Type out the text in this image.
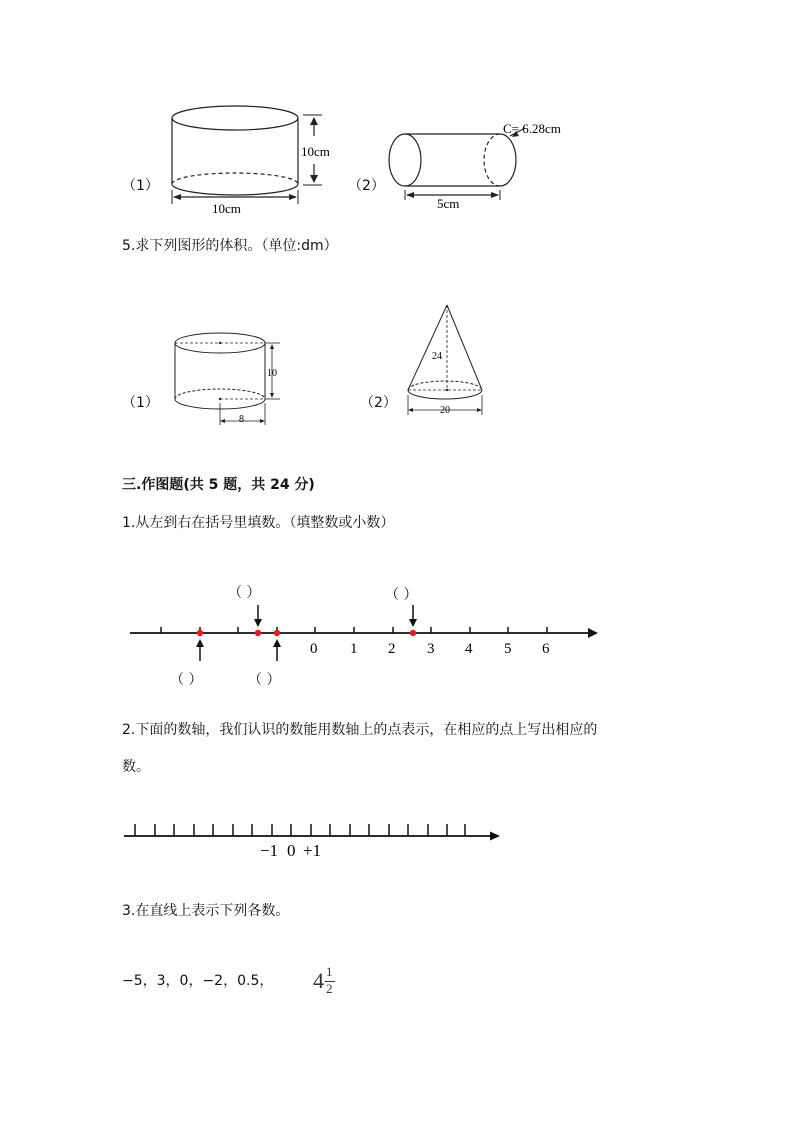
10cm
10cm
C= 6.28cm
5cm
（1）	（2）
5.求下列图形的体积。（单位:dm）
10
8
24
20
（1）	（2）
三.作图题(共 5 题，共 24 分)
1.从左到右在括号里填数。（填整数或小数）
0 1 2 3 4 5 6
（ ）	（ ）
（ ）	（ ）
2.下面的数轴，我们认识的数能用数轴上的点表示，在相应的点上写出相应的
数。
−1 0 +1
3.在直线上表示下列各数。
−5，3，0，−2，0.5， 4 1
2
